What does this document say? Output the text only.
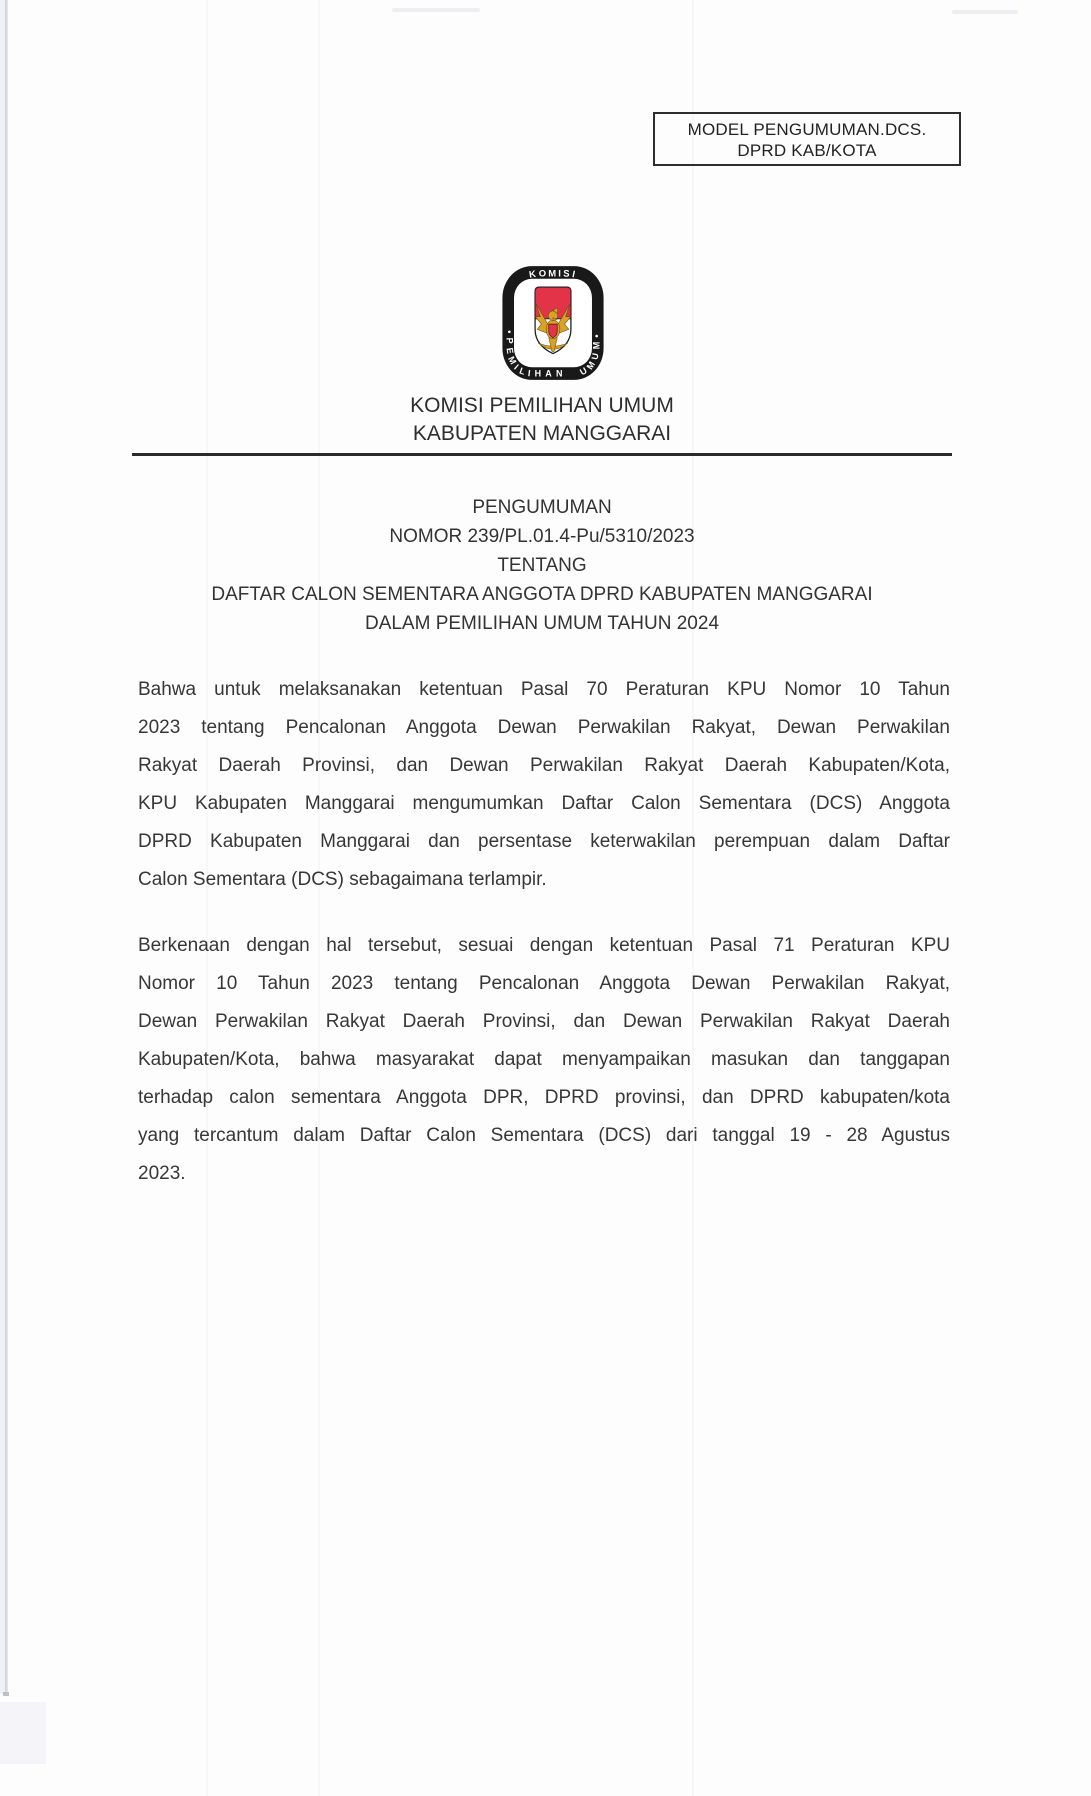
MODEL PENGUMUMAN.DCS.
DPRD KAB/KOTA
KOMISI
•PEMILIHAN UMUM•
KOMISI PEMILIHAN UMUM
KABUPATEN MANGGARAI
PENGUMUMAN
NOMOR 239/PL.01.4-Pu/5310/2023
TENTANG
DAFTAR CALON SEMENTARA ANGGOTA DPRD KABUPATEN MANGGARAI
DALAM PEMILIHAN UMUM TAHUN 2024
Bahwa untuk melaksanakan ketentuan Pasal 70 Peraturan KPU Nomor 10 Tahun
2023 tentang Pencalonan Anggota Dewan Perwakilan Rakyat, Dewan Perwakilan
Rakyat Daerah Provinsi, dan Dewan Perwakilan Rakyat Daerah Kabupaten/Kota,
KPU Kabupaten Manggarai mengumumkan Daftar Calon Sementara (DCS) Anggota
DPRD Kabupaten Manggarai dan persentase keterwakilan perempuan dalam Daftar
Calon Sementara (DCS) sebagaimana terlampir.
Berkenaan dengan hal tersebut, sesuai dengan ketentuan Pasal 71 Peraturan KPU
Nomor 10 Tahun 2023 tentang Pencalonan Anggota Dewan Perwakilan Rakyat,
Dewan Perwakilan Rakyat Daerah Provinsi, dan Dewan Perwakilan Rakyat Daerah
Kabupaten/Kota, bahwa masyarakat dapat menyampaikan masukan dan tanggapan
terhadap calon sementara Anggota DPR, DPRD provinsi, dan DPRD kabupaten/kota
yang tercantum dalam Daftar Calon Sementara (DCS) dari tanggal 19 - 28 Agustus
2023.
